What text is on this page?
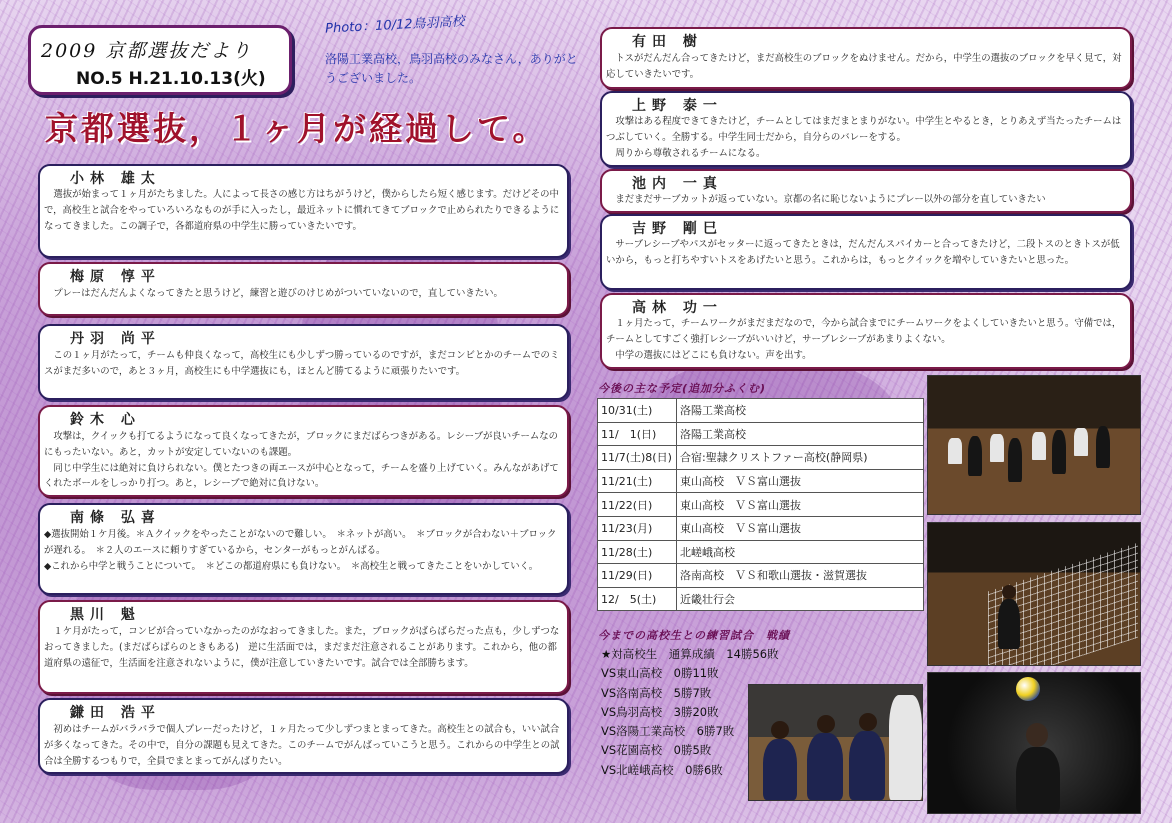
2009 京都選抜だより
NO.5 H.21.10.13(火)
Photo：10/12鳥羽高校
洛陽工業高校，鳥羽高校のみなさん，ありがとうございました。
京都選抜，１ヶ月が経過して。
小林 雄太
　選抜が始まって１ヶ月がたちました。人によって長さの感じ方はちがうけど，僕からしたら短く感じます。だけどその中で，高校生と試合をやっていろいろなものが手に入ったし，最近ネットに慣れてきてブロックで止められたりできるようになってきました。この調子で，各都道府県の中学生に勝っていきたいです。
梅原 惇平
　プレーはだんだんよくなってきたと思うけど，練習と遊びのけじめがついていないので，直していきたい。
丹羽 尚平
　この１ヶ月がたって，チームも仲良くなって，高校生にも少しずつ勝っているのですが，まだコンビとかのチームでのミスがまだ多いので，あと３ヶ月，高校生にも中学選抜にも，ほとんど勝てるように頑張りたいです。
鈴木 心
　攻撃は，クイックも打てるようになって良くなってきたが，ブロックにまだばらつきがある。レシーブが良いチームなのにもったいない。あと，カットが安定していないのも課題。
　同じ中学生には絶対に負けられない。僕とたつきの両エースが中心となって，チームを盛り上げていく。みんながあげてくれたボールをしっかり打つ。あと，レシーブで絶対に負けない。
南條 弘喜
◆選抜開始１ケ月後。＊Ａクイックをやったことがないので難しい。　＊ネットが高い。　＊ブロックが合わない＋ブロックが遅れる。　＊２人のエースに頼りすぎているから，センターがもっとがんばる。
◆これから中学と戦うことについて。　＊どこの都道府県にも負けない。　＊高校生と戦ってきたことをいかしていく。
黒川 魁
　１ケ月がたって，コンビが合っていなかったのがなおってきました。また，ブロックがばらばらだった点も，少しずつなおってきました。(まだばらばらのときもある)　逆に生活面では，まだまだ注意されることがあります。これから，他の都道府県の遠征で，生活面を注意されないように，僕が注意していきたいです。試合では全部勝ちます。
鎌田 浩平
　初めはチームがバラバラで個人プレーだったけど，１ヶ月たって少しずつまとまってきた。高校生との試合も，いい試合が多くなってきた。その中で，自分の課題も見えてきた。このチームでがんばっていこうと思う。これからの中学生との試合は全勝するつもりで，全員でまとまってがんばりたい。
有田 樹
　トスがだんだん合ってきたけど，まだ高校生のブロックをぬけません。だから，中学生の選抜のブロックを早く見て，対応していきたいです。
上野 泰一
　攻撃はある程度できてきたけど，チームとしてはまだまとまりがない。中学生とやるとき，とりあえず当たったチームはつぶしていく。全勝する。中学生同士だから，自分らのバレーをする。
　周りから尊敬されるチームになる。
池内 一真
　まだまだサーブカットが返っていない。京都の名に恥じないようにプレー以外の部分を直していきたい
吉野 剛巳
　サーブレシーブやパスがセッターに返ってきたときは，だんだんスパイカーと合ってきたけど，二段トスのときトスが低いから，もっと打ちやすいトスをあげたいと思う。これからは，もっとクイックを増やしていきたいと思った。
高林 功一
　１ヶ月たって，チームワークがまだまだなので，今から試合までにチームワークをよくしていきたいと思う。守備では，チームとしてすごく強打レシーブがいいけど，サーブレシーブがあまりよくない。
　中学の選抜にはどこにも負けない。声を出す。
今後の主な予定(追加分ふくむ)
10/31(土)	洛陽工業高校
11/　1(日)	洛陽工業高校
11/7(土)8(日)	合宿:聖隷クリストファー高校(静岡県)
11/21(土)	東山高校　ＶＳ富山選抜
11/22(日)	東山高校　ＶＳ富山選抜
11/23(月)	東山高校　ＶＳ富山選抜
11/28(土)	北嵯峨高校
11/29(日)	洛南高校　ＶＳ和歌山選抜・滋賀選抜
12/　5(土)	近畿壮行会
今までの高校生との練習試合　戦績
★対高校生　通算成績　14勝56敗
VS東山高校　0勝11敗
VS洛南高校　5勝7敗
VS鳥羽高校　3勝20敗
VS洛陽工業高校　6勝7敗
VS花園高校　0勝5敗
VS北嵯峨高校　0勝6敗
